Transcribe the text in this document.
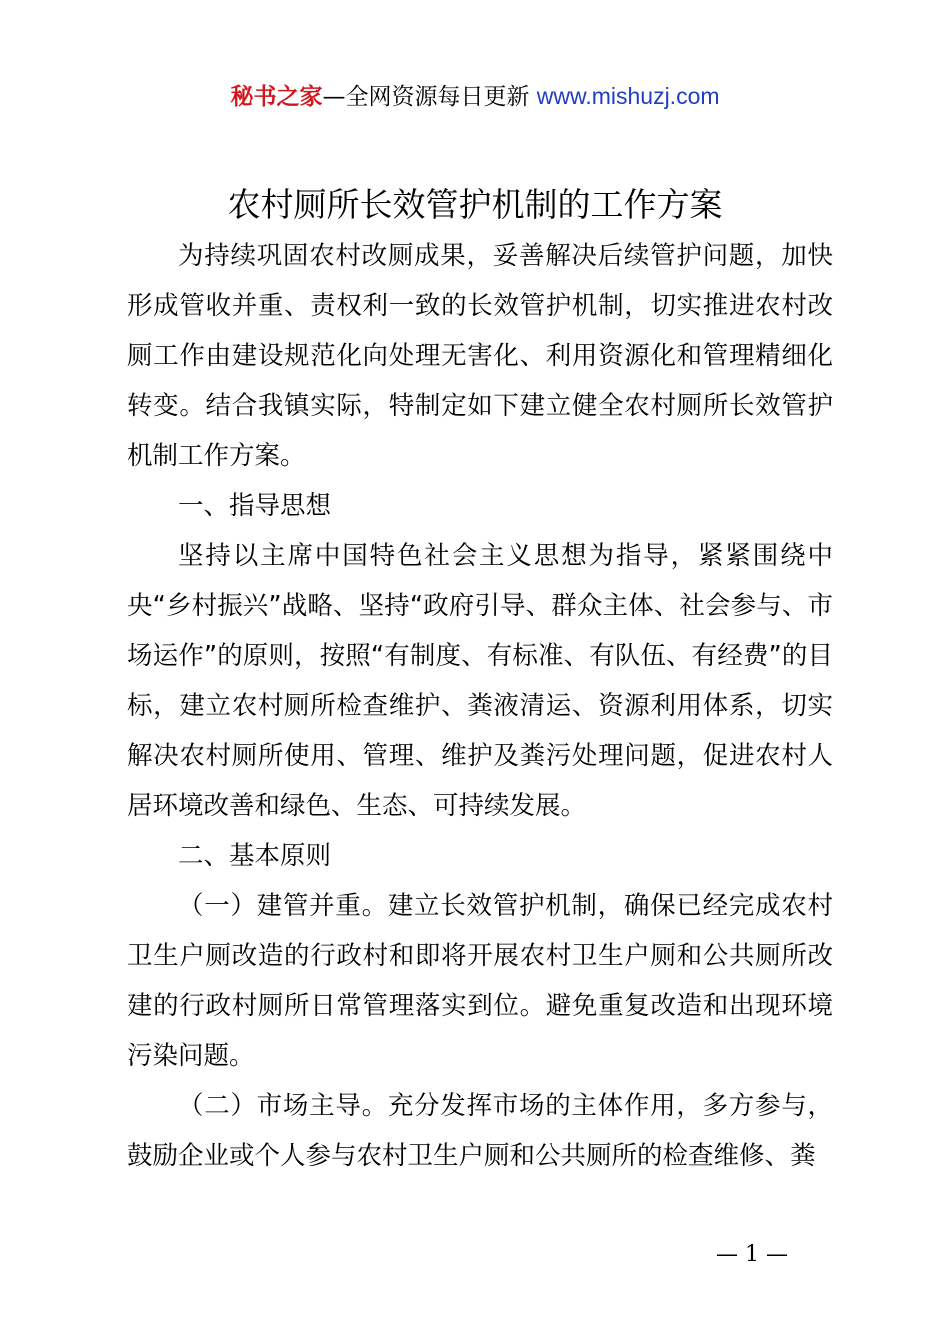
秘书之家—全网资源每日更新 www.mishuzj.com
农村厕所长效管护机制的工作方案

为持续巩固农村改厕成果，妥善解决后续管护问题，加快形成管收并重、责权利一致的长效管护机制，切实推进农村改厕工作由建设规范化向处理无害化、利用资源化和管理精细化转变。结合我镇实际，特制定如下建立健全农村厕所长效管护机制工作方案。

一、指导思想

坚持以主席中国特色社会主义思想为指导，紧紧围绕中央“乡村振兴”战略、坚持“政府引导、群众主体、社会参与、市场运作”的原则，按照“有制度、有标准、有队伍、有经费”的目标，建立农村厕所检查维护、粪液清运、资源利用体系，切实解决农村厕所使用、管理、维护及粪污处理问题，促进农村人居环境改善和绿色、生态、可持续发展。

二、基本原则

（一）建管并重。建立长效管护机制，确保已经完成农村卫生户厕改造的行政村和即将开展农村卫生户厕和公共厕所改建的行政村厕所日常管理落实到位。避免重复改造和出现环境污染问题。

（二）市场主导。充分发挥市场的主体作用，多方参与，鼓励企业或个人参与农村卫生户厕和公共厕所的检查维修、粪

— 1 —
